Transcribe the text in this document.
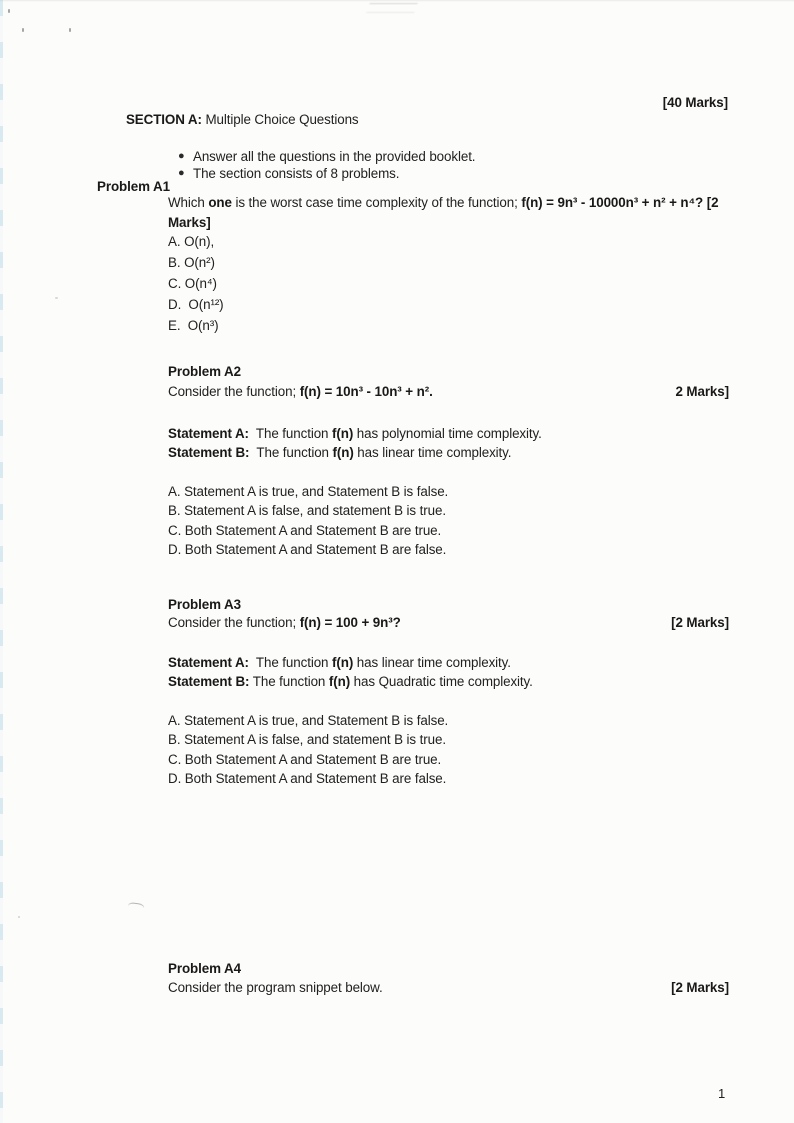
SECTION A: Multiple Choice Questions

[40 Marks]
● Answer all the questions in the provided booklet.
● The section consists of 8 problems.
Problem A1
Which one is the worst case time complexity of the function; f(n) = 9n³ - 10000n³ + n² + n⁴? [2
Marks]
A. O(n),
B. O(n²)
C. O(n⁴)
D.  O(n¹²)
E.  O(n³)
Problem A2
Consider the function; f(n) = 10n³ - 10n³ + n².	2 Marks]
Statement A:  The function f(n) has polynomial time complexity.
Statement B:  The function f(n) has linear time complexity.
A. Statement A is true, and Statement B is false.
B. Statement A is false, and statement B is true.
C. Both Statement A and Statement B are true.
D. Both Statement A and Statement B are false.
Problem A3
Consider the function; f(n) = 100 + 9n³?	[2 Marks]
Statement A:  The function f(n) has linear time complexity.
Statement B: The function f(n) has Quadratic time complexity.
A. Statement A is true, and Statement B is false.
B. Statement A is false, and statement B is true.
C. Both Statement A and Statement B are true.
D. Both Statement A and Statement B are false.
Problem A4
Consider the program snippet below.	[2 Marks]
1
